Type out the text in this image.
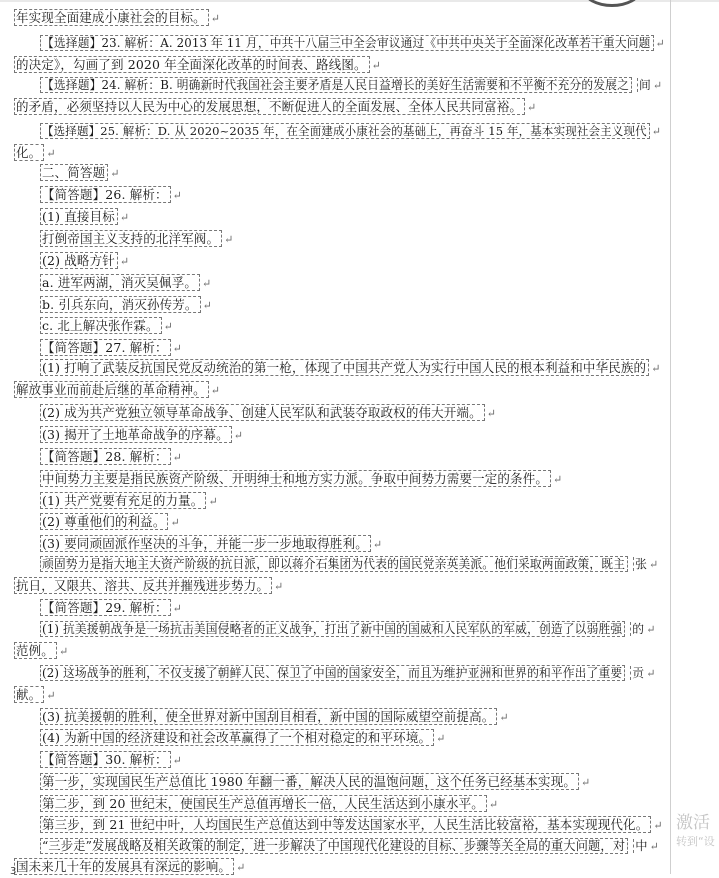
年实现全面建成小康社会的目标。 ↵
【选择题】23. 解析：A. 2013 年 11 月，中共十八届三中全会审议通过《中共中央关于全面深化改革若干重大问题 ↵
的决定》，勾画了到 2020 年全面深化改革的时间表、路线图。 ↵
【选择题】24. 解析：B. 明确新时代我国社会主要矛盾是人民日益增长的美好生活需要和不平衡不充分的发展之 间 ↵
的矛盾，必须坚持以人民为中心的发展思想，不断促进人的全面发展、全体人民共同富裕。 ↵
【选择题】25. 解析：D. 从 2020~2035 年，在全面建成小康社会的基础上，再奋斗 15 年，基本实现社会主义现代 ↵
化。 ↵
二、简答题 ↵
【简答题】26. 解析： ↵
(1) 直接目标 ↵
打倒帝国主义支持的北洋军阀。 ↵
(2) 战略方针 ↵
a. 进军两湖，消灭吴佩孚。 ↵
b. 引兵东向，消灭孙传芳。 ↵
c. 北上解决张作霖。 ↵
【简答题】27. 解析： ↵
(1) 打响了武装反抗国民党反动统治的第一枪，体现了中国共产党人为实行中国人民的根本利益和中华民族的 ↵
解放事业而前赴后继的革命精神。 ↵
(2) 成为共产党独立领导革命战争、创建人民军队和武装夺取政权的伟大开端。 ↵
(3) 揭开了土地革命战争的序幕。 ↵
【简答题】28. 解析： ↵
中间势力主要是指民族资产阶级、开明绅士和地方实力派。争取中间势力需要一定的条件。 ↵
(1) 共产党要有充足的力量。 ↵
(2) 尊重他们的利益。 ↵
(3) 要同顽固派作坚决的斗争，并能一步一步地取得胜利。 ↵
顽固势力是指大地主大资产阶级的抗日派，即以蒋介石集团为代表的国民党亲英美派。他们采取两面政策，既主 张 ↵
抗日，又限共、溶共、反共并摧残进步势力。 ↵
【简答题】29. 解析： ↵
(1) 抗美援朝战争是一场抗击美国侵略者的正义战争，打出了新中国的国威和人民军队的军威，创造了以弱胜强 的 ↵
范例。 ↵
(2) 这场战争的胜利，不仅支援了朝鲜人民、保卫了中国的国家安全，而且为维护亚洲和世界的和平作出了重要 贡 ↵
献。 ↵
(3) 抗美援朝的胜利，使全世界对新中国刮目相看，新中国的国际威望空前提高。 ↵
(4) 为新中国的经济建设和社会改革赢得了一个相对稳定的和平环境。 ↵
【简答题】30. 解析： ↵
第一步，实现国民生产总值比 1980 年翻一番，解决人民的温饱问题，这个任务已经基本实现。 ↵
第二步，到 20 世纪末，使国民生产总值再增长一倍，人民生活达到小康水平。 ↵
第三步，到 21 世纪中叶，人均国民生产总值达到中等发达国家水平，人民生活比较富裕，基本实现现代化。 ↵
“三步走”发展战略及相关政策的制定，进一步解决了中国现代化建设的目标、步骤等关全局的重大问题，对 中 ↵
国未来几十年的发展具有深远的影响。 ↵
激活
转到“设
3
